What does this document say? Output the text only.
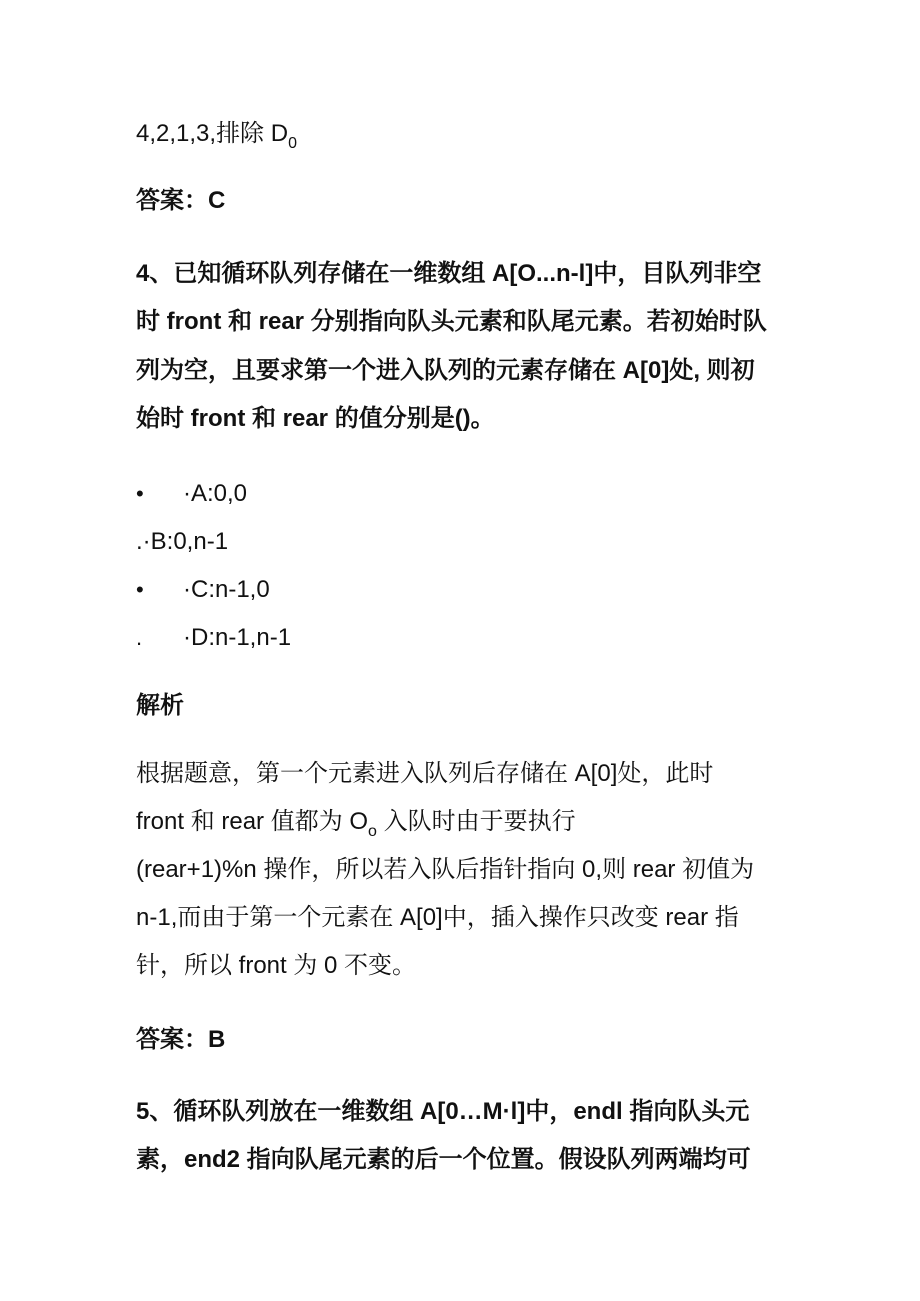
4,2,1,3,排除 $D_0$
答案：C
4、已知循环队列存储在一维数组 A[O...n-l]中，目队列非空
时 front 和 rear 分别指向队头元素和队尾元素。若初始时队
列为空，且要求第一个进入队列的元素存储在 A[0]处, 则初
始时 front 和 rear 的值分别是()。
• ·A:0,0
.·B:0,n-1
• ·C:n-1,0
. ·D:n-1,n-1
解析
根据题意，第一个元素进入队列后存储在 A[0]处，此时
front 和 rear 值都为 $O_o$ 入队时由于要执行
(rear+1)%n 操作，所以若入队后指针指向 0,则 rear 初值为
n-1,而由于第一个元素在 A[0]中，插入操作只改变 rear 指
针，所以 front 为 0 不变。
答案：B
5、循环队列放在一维数组 A[0…M·l]中，endl 指向队头元
素，end2 指向队尾元素的后一个位置。假设队列两端均可
